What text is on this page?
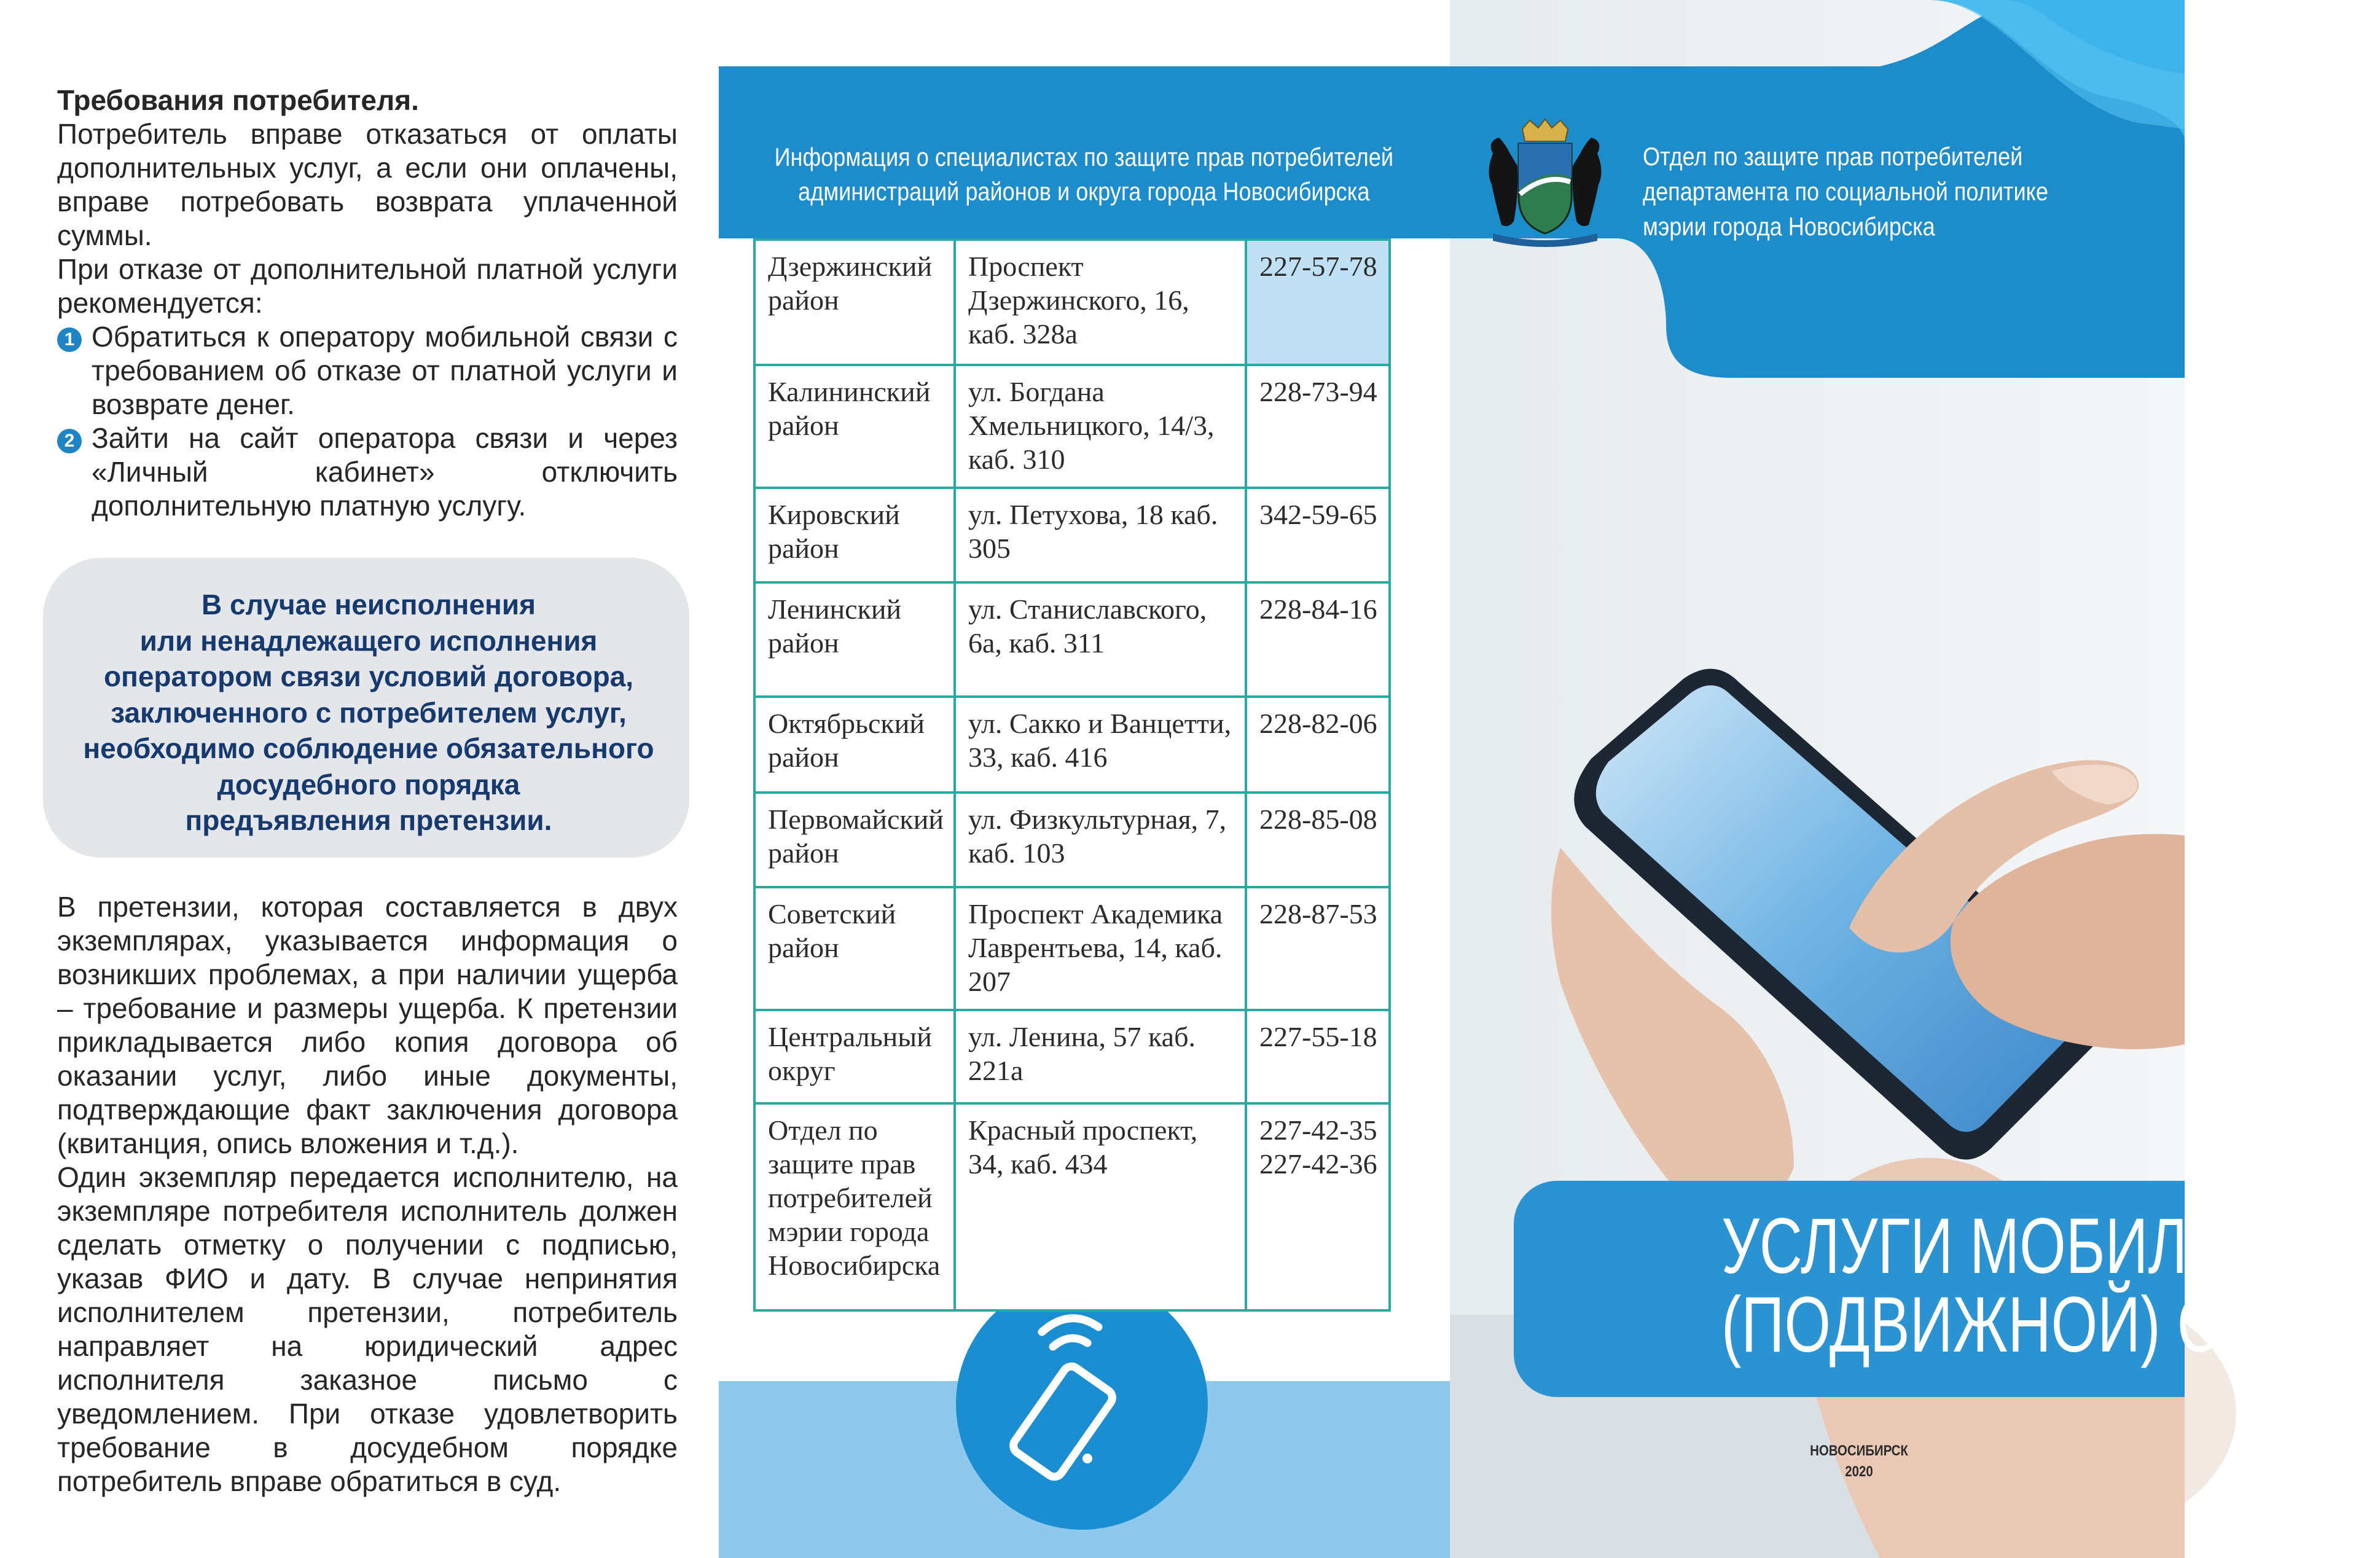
Требования потребителя.

Потребитель вправе отказаться от оплаты дополнительных услуг, а если они оплачены, вправе потребовать возврата уплаченной суммы.

При отказе от дополнительной платной услуги рекомендуется:

1 Обратиться к оператору мобильной связи с требованием об отказе от платной услуги и возврате денег.

2 Зайти на сайт оператора связи и через «Личный кабинет» отключить дополнительную платную услугу.

В случае неисполнения

или ненадлежащего исполнения

оператором связи условий договора,

заключенного с потребителем услуг,

необходимо соблюдение обязательного

досудебного порядка

предъявления претензии.

В претензии, которая составляется в двух экземплярах, указывается информация о возникших проблемах, а при наличии ущерба – требование и размеры ущерба. К претензии прикладывается либо копия договора об оказании услуг, либо иные документы, подтверждающие факт заключения договора (квитанция, опись вложения и т.д.).

Один экземпляр передается исполнителю, на экземпляре потребителя исполнитель должен сделать отметку о получении с подписью, указав ФИО и дату. В случае непринятия исполнителем претензии, потребитель направляет на юридический адрес исполнителя заказное письмо с уведомлением. При отказе удовлетворить требование в досудебном порядке потребитель вправе обратиться в суд.

Информация о специалистах по защите прав потребителей
администраций районов и округа города Новосибирска
Дзержинский район	Проспект Дзержинского, 16, каб. 328а	227-57-78
Калининский район	ул. Богдана Хмельницкого, 14/3, каб. 310	228-73-94
Кировский район	ул. Петухова, 18 каб. 305	342-59-65
Ленинский район	ул. Станиславского, 6а, каб. 311	228-84-16
Октябрьский район	ул. Сакко и Ванцетти, 33, каб. 416	228-82-06
Первомайский район	ул. Физкультурная, 7, каб. 103	228-85-08
Советский район	Проспект Академика Лаврентьева, 14, каб. 207	228-87-53
Центральный округ	ул. Ленина, 57 каб. 221а	227-55-18
Отдел по защите прав потребителей мэрии города Новосибирска	Красный проспект, 34, каб. 434	227-42-35
227-42-36
Отдел по защите прав потребителей
департамента по социальной политике
мэрии города Новосибирска
УСЛУГИ МОБИЛЬНОЙ
(ПОДВИЖНОЙ) СВЯЗИ
НОВОСИБИРСК
2020
